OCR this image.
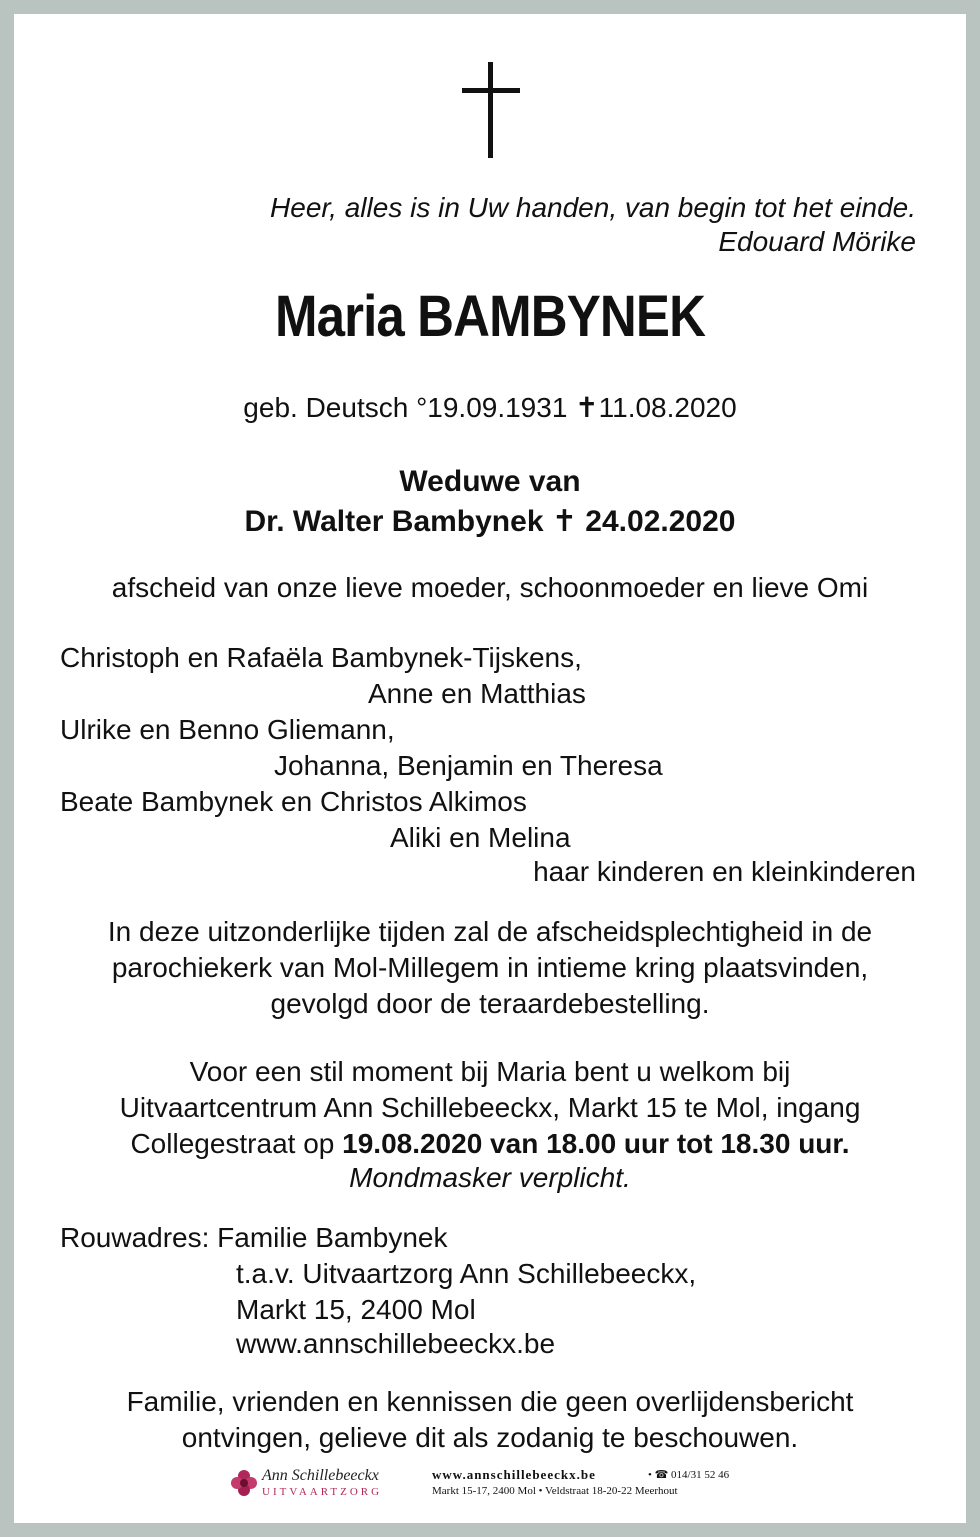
Heer, alles is in Uw handen, van begin tot het einde.
Edouard Mörike
Maria BAMBYNEK
geb. Deutsch °19.09.1931 ✝11.08.2020
Weduwe van
Dr. Walter Bambynek ✝ 24.02.2020
afscheid van onze lieve moeder, schoonmoeder en lieve Omi
Christoph en Rafaëla Bambynek-Tijskens,
Anne en Matthias
Ulrike en Benno Gliemann,
Johanna, Benjamin en Theresa
Beate Bambynek en Christos Alkimos
Aliki en Melina
haar kinderen en kleinkinderen
In deze uitzonderlijke tijden zal de afscheidsplechtigheid in de
parochiekerk van Mol-Millegem in intieme kring plaatsvinden,
gevolgd door de teraardebestelling.
Voor een stil moment bij Maria bent u welkom bij
Uitvaartcentrum Ann Schillebeeckx, Markt 15 te Mol, ingang
Collegestraat op 19.08.2020 van 18.00 uur tot 18.30 uur.
Mondmasker verplicht.
Rouwadres: Familie Bambynek
t.a.v. Uitvaartzorg Ann Schillebeeckx,
Markt 15, 2400 Mol
www.annschillebeeckx.be
Familie, vrienden en kennissen die geen overlijdensbericht
ontvingen, gelieve dit als zodanig te beschouwen.
Ann Schillebeeckx
UITVAARTZORG
www.annschillebeeckx.be	• ☎ 014/31 52 46
Markt 15-17, 2400 Mol • Veldstraat 18-20-22 Meerhout
